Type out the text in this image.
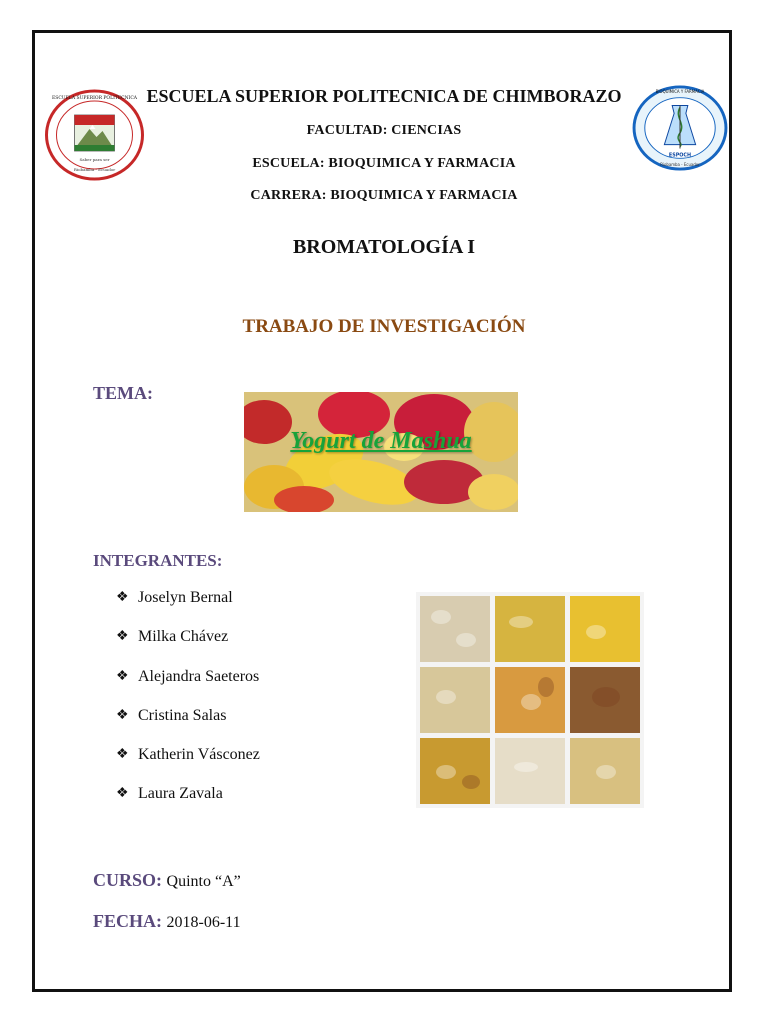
Saber para ser
Riobamba - Ecuador
ESCUELA SUPERIOR POLITECNICA
ESPOCH
Riobamba - Ecuador
BIOQUIMICA Y FARMACIA
ESCUELA SUPERIOR POLITECNICA DE CHIMBORAZO
FACULTAD: CIENCIAS
ESCUELA: BIOQUIMICA Y FARMACIA
CARRERA: BIOQUIMICA Y FARMACIA
BROMATOLOGÍA I
TRABAJO DE INVESTIGACIÓN
TEMA:
Yogurt de Mashua
INTEGRANTES:
❖ Joselyn Bernal
❖ Milka Chávez
❖ Alejandra Saeteros
❖ Cristina Salas
❖ Katherin Vásconez
❖ Laura Zavala
CURSO: Quinto “A”
FECHA: 2018-06-11
